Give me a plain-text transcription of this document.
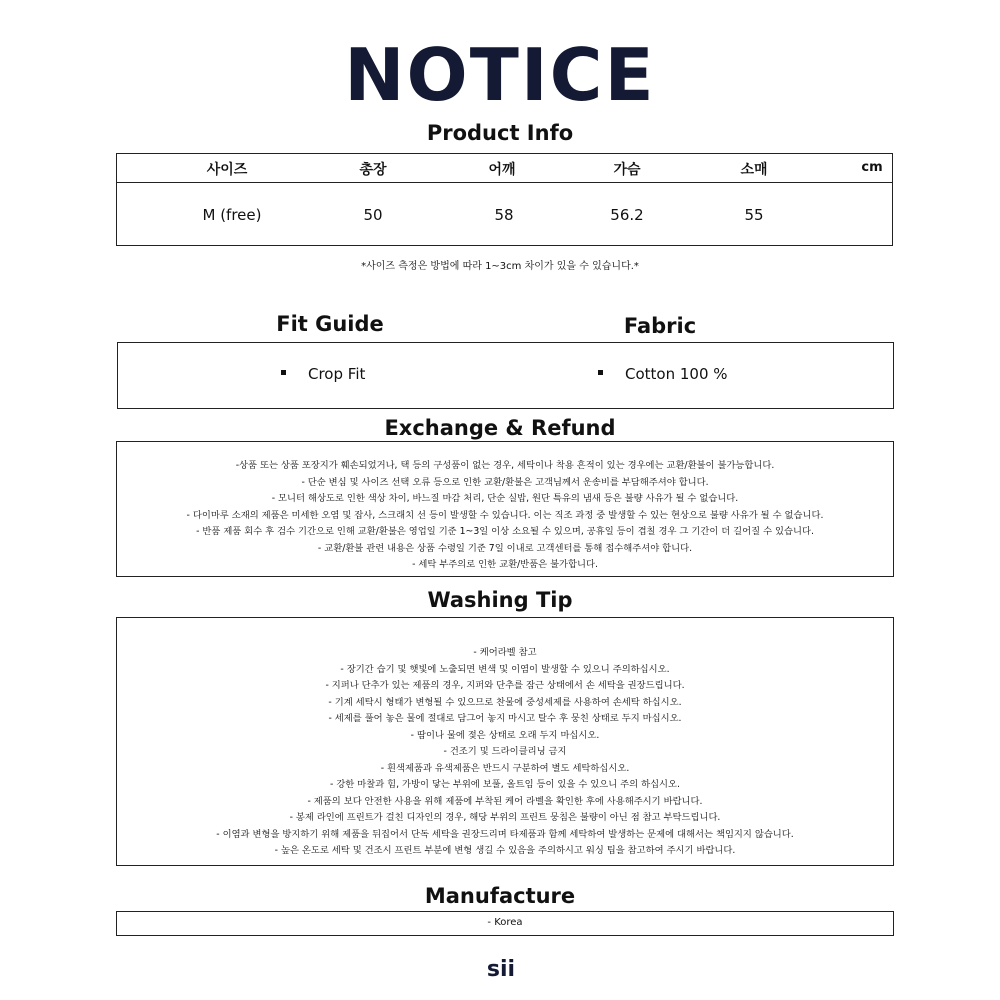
NOTICE
Product Info
사이즈	총장	어깨	가슴	소매	cm
M (free)	50	58	56.2	55
*사이즈 측정은 방법에 따라 1~3cm 차이가 있을 수 있습니다.*
Fit Guide	Fabric
Crop Fit	Cotton 100 %
Exchange & Refund
-상품 또는 상품 포장지가 훼손되었거나, 택 등의 구성품이 없는 경우, 세탁이나 착용 흔적이 있는 경우에는 교환/환불이 불가능합니다.
- 단순 변심 및 사이즈 선택 오류 등으로 인한 교환/환불은 고객님께서 운송비를 부담해주셔야 합니다.
- 모니터 해상도로 인한 색상 차이, 바느질 마감 처리, 단순 실밥, 원단 특유의 냄새 등은 불량 사유가 될 수 없습니다.
- 다이마루 소재의 제품은 미세한 오염 및 잡사, 스크래치 선 등이 발생할 수 있습니다. 이는 직조 과정 중 발생할 수 있는 현상으로 불량 사유가 될 수 없습니다.
- 반품 제품 회수 후 검수 기간으로 인해 교환/환불은 영업일 기준 1~3일 이상 소요될 수 있으며, 공휴일 등이 겹칠 경우 그 기간이 더 길어질 수 있습니다.
- 교환/환불 관련 내용은 상품 수령일 기준 7일 이내로 고객센터를 통해 접수해주셔야 합니다.
- 세탁 부주의로 인한 교환/반품은 불가합니다.
Washing Tip
- 케어라벨 참고
- 장기간 습기 및 햇빛에 노출되면 변색 및 이염이 발생할 수 있으니 주의하십시오.
- 지퍼나 단추가 있는 제품의 경우, 지퍼와 단추를 잠근 상태에서 손 세탁을 권장드립니다.
- 기계 세탁시 형태가 변형될 수 있으므로 찬물에 중성세제를 사용하여 손세탁 하십시오.
- 세제를 풀어 놓은 물에 절대로 담그어 놓지 마시고 탈수 후 뭉친 상태로 두지 마십시오.
- 땀이나 물에 젖은 상태로 오래 두지 마십시오.
- 건조기 및 드라이클리닝 금지
- 흰색제품과 유색제품은 반드시 구분하여 별도 세탁하십시오.
- 강한 마찰과 힘, 가방이 닿는 부위에 보풀, 올트임 등이 있을 수 있으니 주의 하십시오.
- 제품의 보다 안전한 사용을 위해 제품에 부착된 케어 라벨을 확인한 후에 사용해주시기 바랍니다.
- 봉제 라인에 프린트가 걸친 디자인의 경우, 해당 부위의 프린트 뭉침은 불량이 아닌 점 참고 부탁드립니다.
- 이염과 변형을 방지하기 위해 제품을 뒤집어서 단독 세탁을 권장드리며 타제품과 함께 세탁하여 발생하는 문제에 대해서는 책임지지 않습니다.
- 높은 온도로 세탁 및 건조시 프린트 부분에 변형 생길 수 있음을 주의하시고 워싱 팁을 참고하여 주시기 바랍니다.
Manufacture
- Korea
sii
